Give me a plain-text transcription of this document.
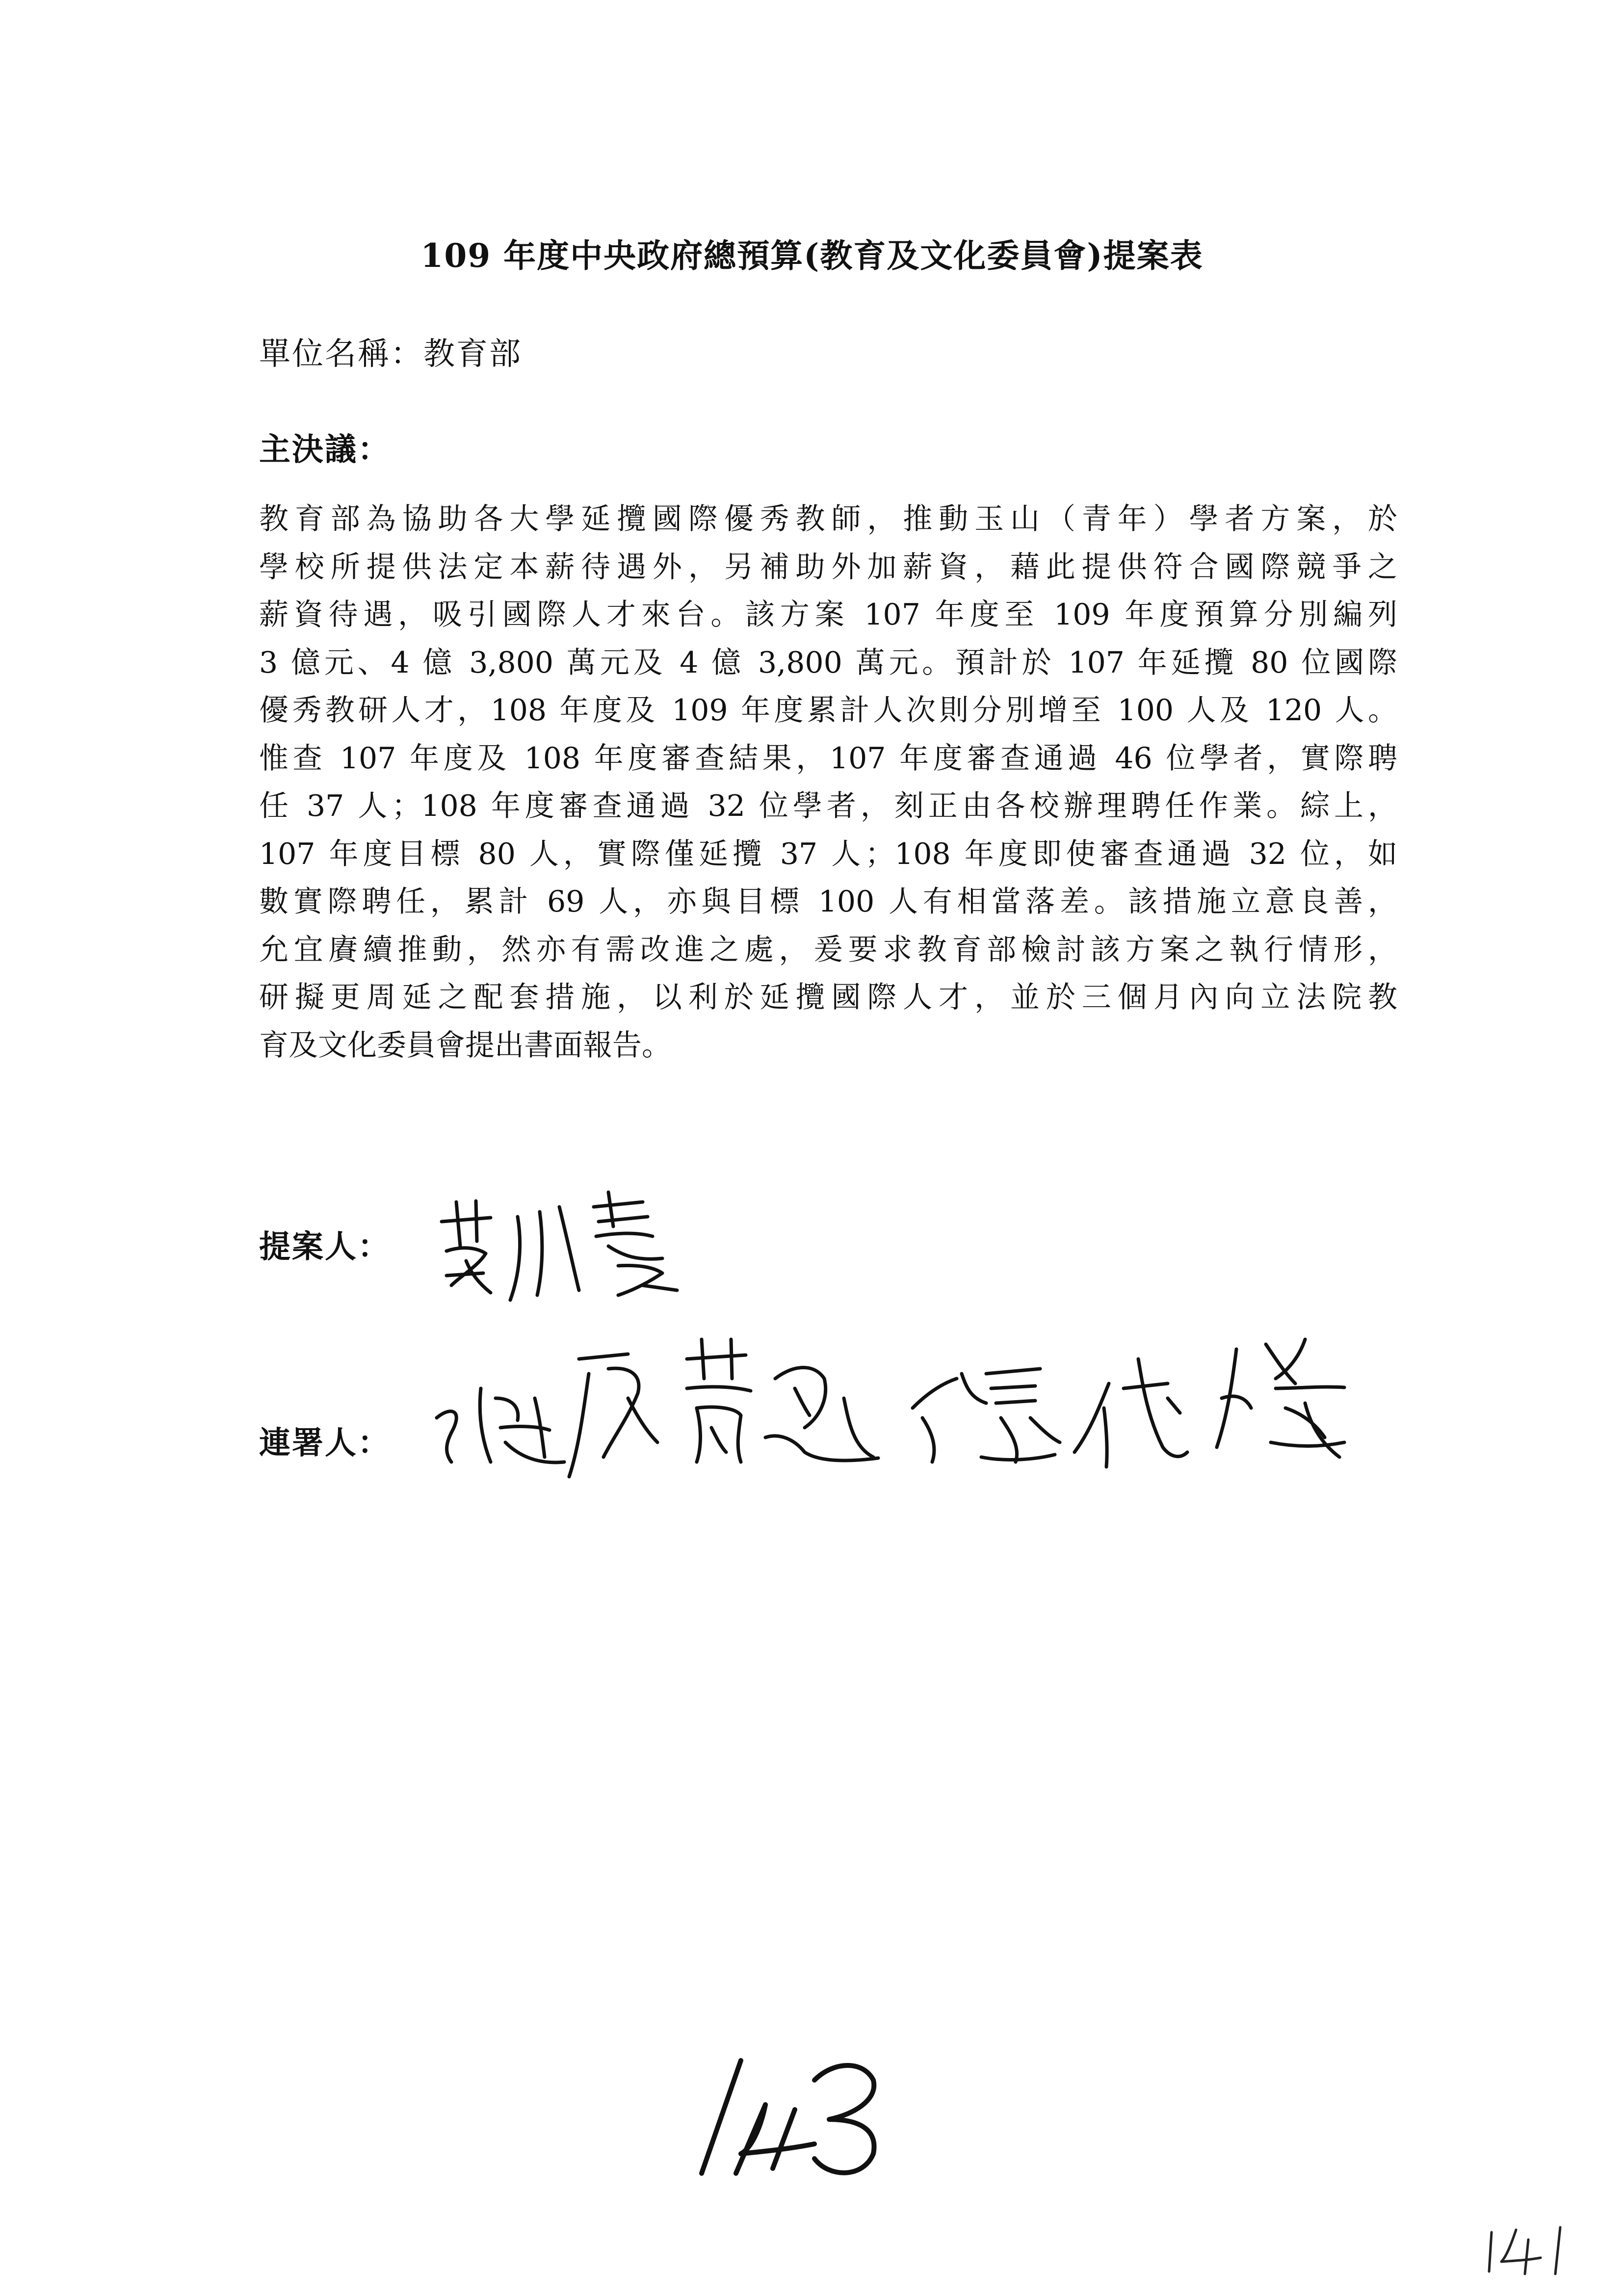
109 年度中央政府總預算(教育及文化委員會)提案表
單位名稱：教育部
主決議：
教育部為協助各大學延攬國際優秀教師，推動玉山（青年）學者方案，於
學校所提供法定本薪待遇外，另補助外加薪資，藉此提供符合國際競爭之
薪資待遇，吸引國際人才來台。該方案 107 年度至 109 年度預算分別編列
3 億元、4 億 3,800 萬元及 4 億 3,800 萬元。預計於 107 年延攬 80 位國際
優秀教研人才，108 年度及 109 年度累計人次則分別增至 100 人及 120 人。
惟查 107 年度及 108 年度審查結果，107 年度審查通過 46 位學者，實際聘
任 37 人；108 年度審查通過 32 位學者，刻正由各校辦理聘任作業。綜上，
107 年度目標 80 人，實際僅延攬 37 人；108 年度即使審查通過 32 位，如
數實際聘任，累計 69 人，亦與目標 100 人有相當落差。該措施立意良善，
允宜賡續推動，然亦有需改進之處，爰要求教育部檢討該方案之執行情形，
研擬更周延之配套措施，以利於延攬國際人才，並於三個月內向立法院教
育及文化委員會提出書面報告。
提案人：
連署人：
